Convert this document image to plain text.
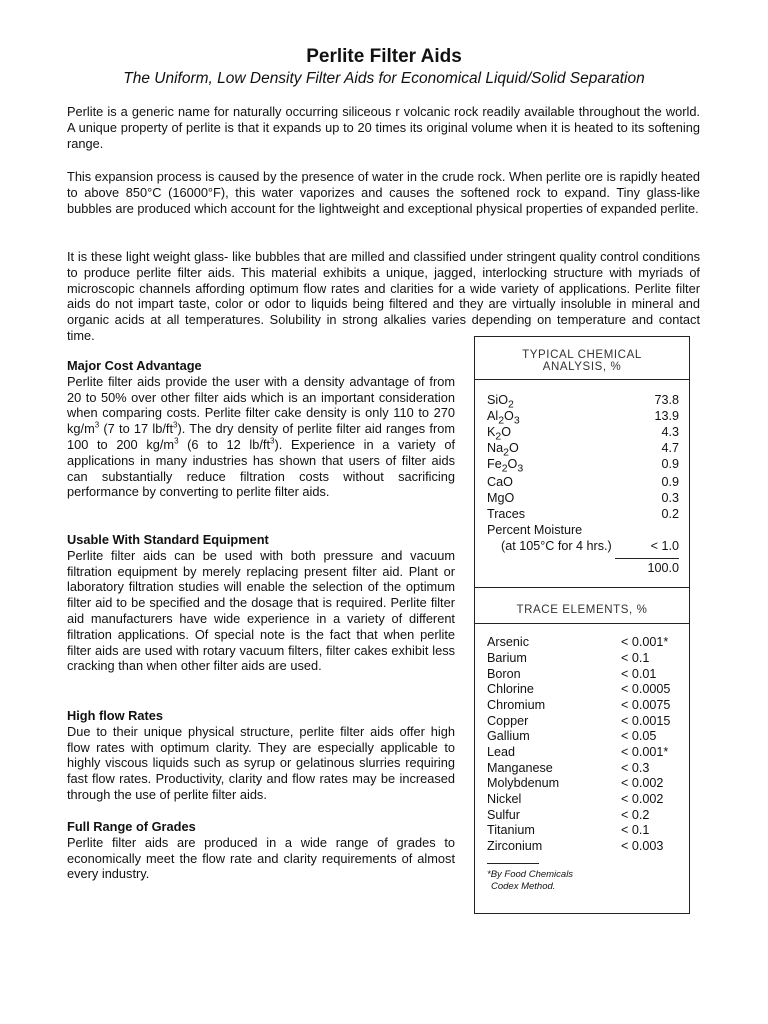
Perlite Filter Aids
The Uniform, Low Density Filter Aids for Economical Liquid/Solid Separation

Perlite is a generic name for naturally occurring siliceous r volcanic rock readily available throughout the world. A unique property of perlite is that it expands up to 20 times its original volume when it is heated to its softening range.

This expansion process is caused by the presence of water in the crude rock. When perlite ore is rapidly heated to above 850°C (16000°F), this water vaporizes and causes the softened rock to expand. Tiny glass-like bubbles are produced which account for the lightweight and exceptional physical properties of expanded perlite.

It is these light weight glass- like bubbles that are milled and classified under stringent quality control conditions to produce perlite filter aids. This material exhibits a unique, jagged, interlocking structure with myriads of microscopic channels affording optimum flow rates and clarities for a wide variety of applications. Perlite filter aids do not impart taste, color or odor to liquids being filtered and they are virtually insoluble in mineral and organic acids at all temperatures. Solubility in strong alkalies varies depending on temperature and contact time.

Major Cost Advantage

Perlite filter aids provide the user with a density advantage of from 20 to 50% over other filter aids which is an important consideration when comparing costs. Perlite filter cake density is only 110 to 270 $kg/m^3$ (7 to 17 $lb/ft^3$). The dry density of perlite filter aid ranges from 100 to 200 $kg/m^3$ (6 to 12 $lb/ft^3$). Experience in a variety of applications in many industries has shown that users of filter aids can substantially reduce filtration costs without sacrificing performance by converting to perlite filter aids.

Usable With Standard Equipment

Perlite filter aids can be used with both pressure and vacuum filtration equipment by merely replacing present filter aid. Plant or laboratory filtration studies will enable the selection of the optimum filter aid to be specified and the dosage that is required. Perlite filter aid manufacturers have wide experience in a variety of different filtration applications. Of special note is the fact that when perlite filter aids are used with rotary vacuum filters, filter cakes exhibit less cracking than when other filter aids are used.

High flow Rates

Due to their unique physical structure, perlite filter aids offer high flow rates with optimum clarity. They are especially applicable to highly viscous liquids such as syrup or gelatinous slurries requiring fast flow rates. Productivity, clarity and flow rates may be increased through the use of perlite filter aids.

Full Range of Grades

Perlite filter aids are produced in a wide range of grades to economically meet the flow rate and clarity requirements of almost every industry.

TYPICAL CHEMICAL
ANALYSIS, %
SiO$_2$	73.8
$Al_2O_3$	13.9
$K_2O$	4.3
$Na_2O$	4.7
$Fe_2O_3$	0.9
CaO	0.9
MgO	0.3
Traces	0.2
Percent Moisture
(at 105°C for 4 hrs.)	< 1.0
100.0
TRACE ELEMENTS, %
Arsenic	< 0.001*
Barium	< 0.1
Boron	< 0.01
Chlorine	< 0.0005
Chromium	< 0.0075
Copper	< 0.0015
Gallium	< 0.05
Lead	< 0.001*
Manganese	< 0.3
Molybdenum	< 0.002
Nickel	< 0.002
Sulfur	< 0.2
Titanium	< 0.1
Zirconium	< 0.003
*By Food Chemicals
Codex Method.
